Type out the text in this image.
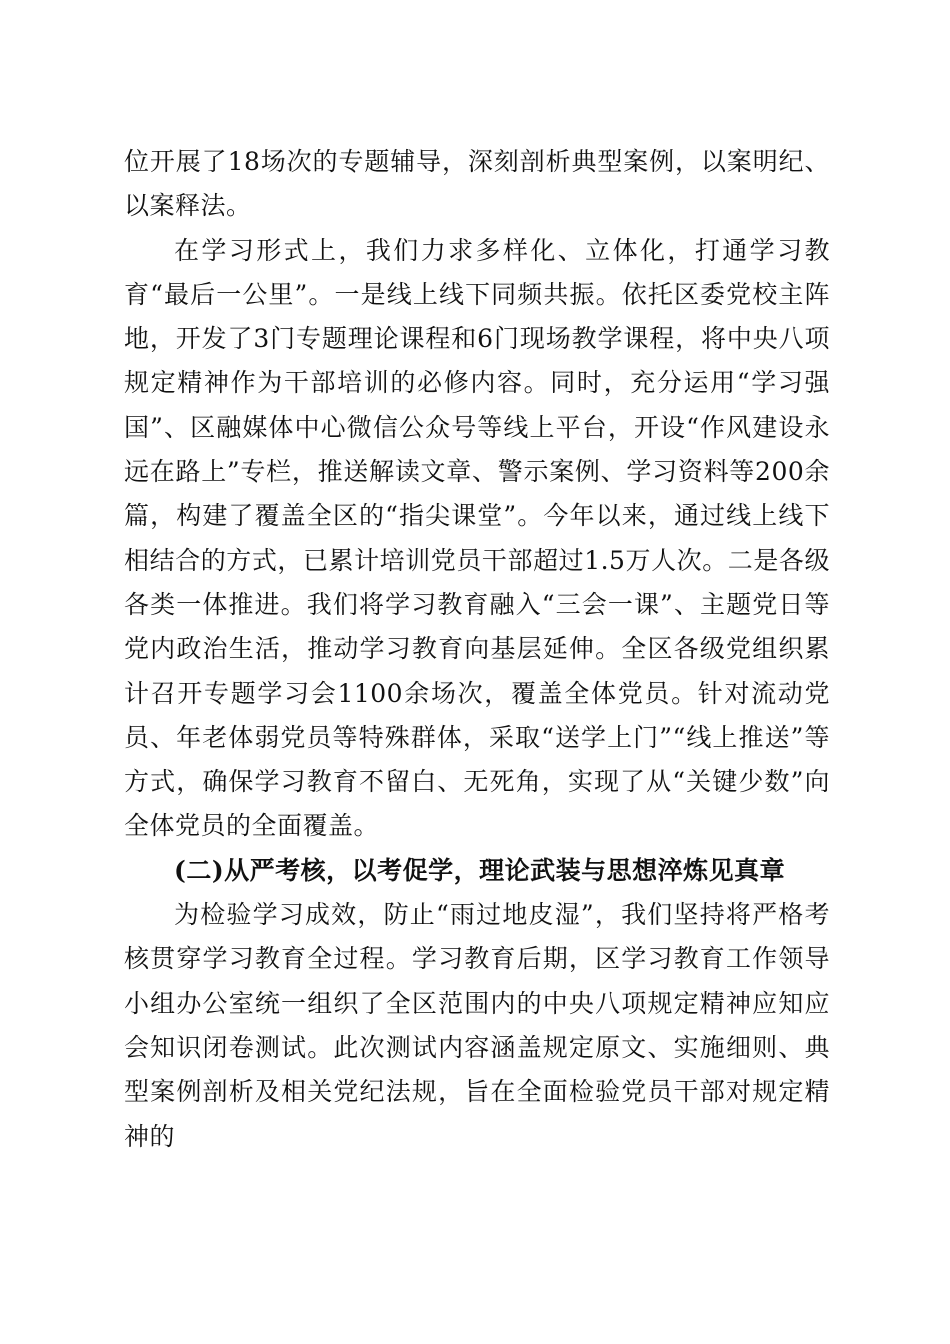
位开展了18场次的专题辅导，深刻剖析典型案例，以案明纪、以案释法。

在学习形式上，我们力求多样化、立体化，打通学习教育“最后一公里”。一是线上线下同频共振。依托区委党校主阵地，开发了3门专题理论课程和6门现场教学课程，将中央八项规定精神作为干部培训的必修内容。同时，充分运用“学习强国”、区融媒体中心微信公众号等线上平台，开设“作风建设永远在路上”专栏，推送解读文章、警示案例、学习资料等200余篇，构建了覆盖全区的“指尖课堂”。今年以来，通过线上线下相结合的方式，已累计培训党员干部超过1.5万人次。二是各级各类一体推进。我们将学习教育融入“三会一课”、主题党日等党内政治生活，推动学习教育向基层延伸。全区各级党组织累计召开专题学习会1100余场次，覆盖全体党员。针对流动党员、年老体弱党员等特殊群体，采取“送学上门”“线上推送”等方式，确保学习教育不留白、无死角，实现了从“关键少数”向全体党员的全面覆盖。

(二)从严考核，以考促学，理论武装与思想淬炼见真章

为检验学习成效，防止“雨过地皮湿”，我们坚持将严格考核贯穿学习教育全过程。学习教育后期，区学习教育工作领导小组办公室统一组织了全区范围内的中央八项规定精神应知应会知识闭卷测试。此次测试内容涵盖规定原文、实施细则、典型案例剖析及相关党纪法规，旨在全面检验党员干部对规定精神的
